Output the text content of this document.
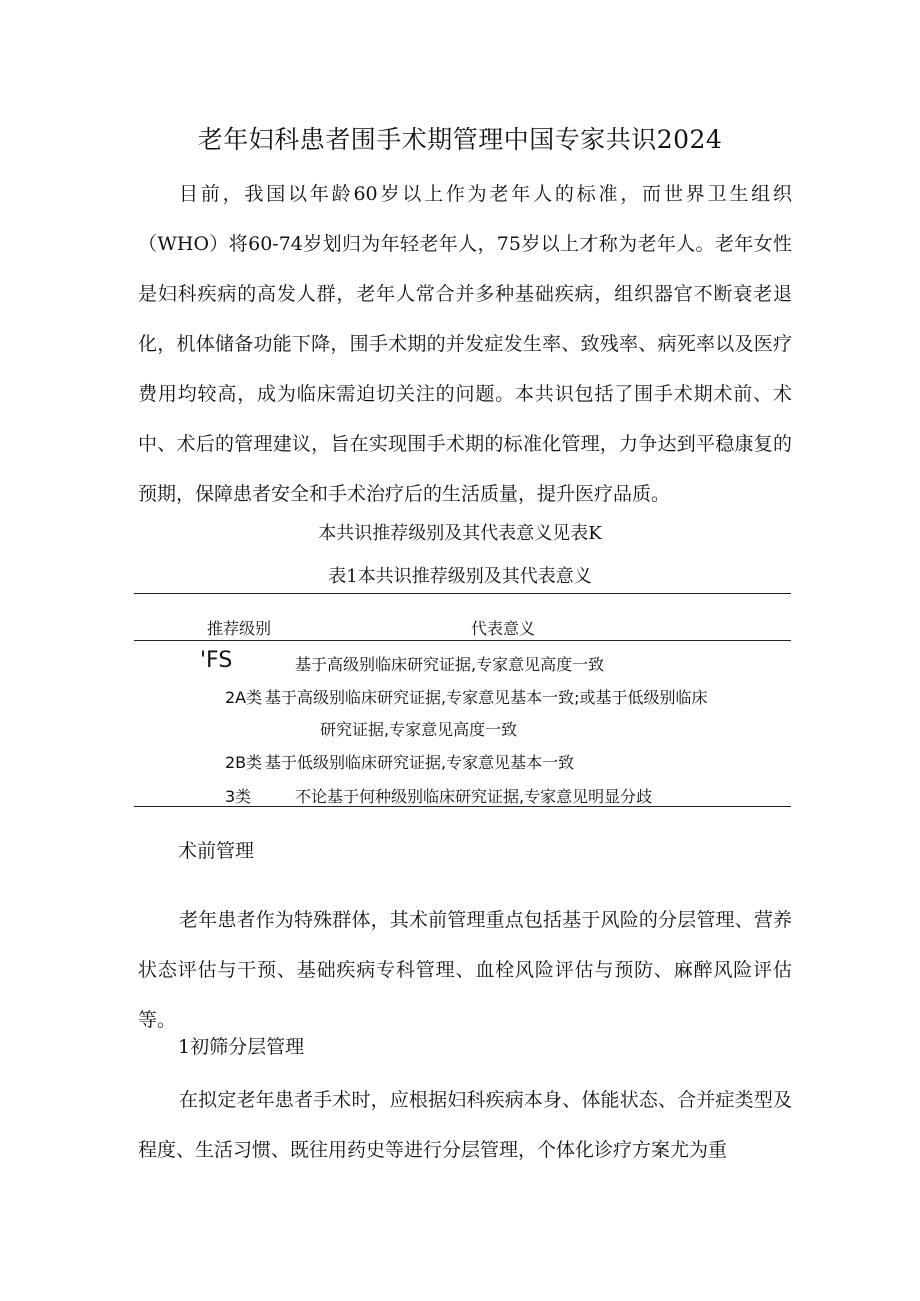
老年妇科患者围手术期管理中国专家共识2024

目前，我国以年龄60岁以上作为老年人的标准，而世界卫生组织（WHO）将60-74岁划归为年轻老年人，75岁以上才称为老年人。老年女性是妇科疾病的高发人群，老年人常合并多种基础疾病，组织器官不断衰老退化，机体储备功能下降，围手术期的并发症发生率、致残率、病死率以及医疗费用均较高，成为临床需迫切关注的问题。本共识包括了围手术期术前、术中、术后的管理建议，旨在实现围手术期的标准化管理，力争达到平稳康复的预期，保障患者安全和手术治疗后的生活质量，提升医疗品质。

本共识推荐级别及其代表意义见表K

表1本共识推荐级别及其代表意义

推荐级别	代表意义
'FS	基于高级别临床研究证据,专家意见高度一致
2A类 基于高级别临床研究证据,专家意见基本一致;或基于低级别临床
研究证据,专家意见高度一致
2B类 基于低级别临床研究证据,专家意见基本一致
3类	不论基于何种级别临床研究证据,专家意见明显分歧
术前管理

老年患者作为特殊群体，其术前管理重点包括基于风险的分层管理、营养状态评估与干预、基础疾病专科管理、血栓风险评估与预防、麻醉风险评估等。

1初筛分层管理

在拟定老年患者手术时，应根据妇科疾病本身、体能状态、合并症类型及程度、生活习惯、既往用药史等进行分层管理，个体化诊疗方案尤为重
